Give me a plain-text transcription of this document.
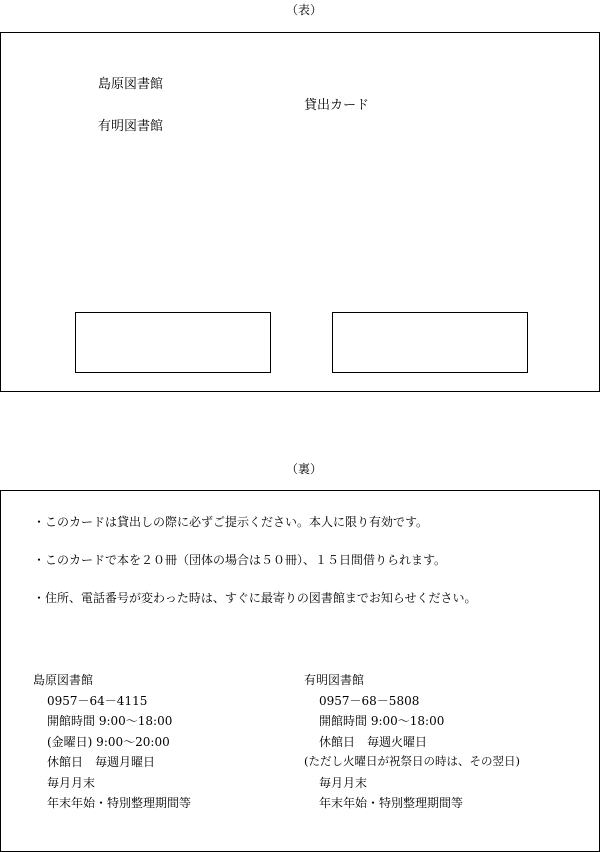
（表）
島原図書館
有明図書館
貸出カード
（裏）
・このカードは貸出しの際に必ずご提示ください。本人に限り有効です。
・このカードで本を２０冊（団体の場合は５０冊）、１５日間借りられます。
・住所、電話番号が変わった時は、すぐに最寄りの図書館までお知らせください。
島原図書館
0957－64－4115
開館時間 9:00～18:00
(金曜日) 9:00～20:00
休館日　毎週月曜日
毎月月末
年末年始・特別整理期間等
有明図書館
0957－68－5808
開館時間 9:00～18:00
休館日　毎週火曜日
(ただし火曜日が祝祭日の時は、その翌日)
毎月月末
年末年始・特別整理期間等
